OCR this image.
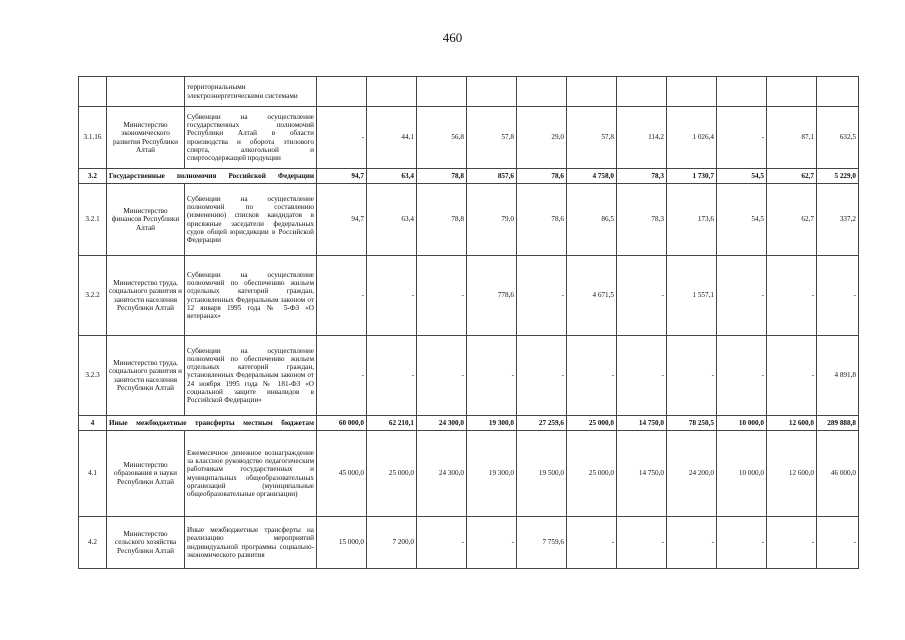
460
		территориальными электроэнергетическими системами											
3.1.16	Министерство экономического развития Республики Алтай	Субвенции на осуществление государственных полномочий Республики Алтай в области производства и оборота этилового спирта, алкогольной и спиртосодержащей продукции	-	44,1	56,8	57,8	29,0	57,8	114,2	1 026,4	-	87,1	632,5
3.2	Государственные полномочия Российской Федерации		94,7	63,4	78,8	857,6	78,6	4 758,0	78,3	1 730,7	54,5	62,7	5 229,0
3.2.1	Министерство финансов Республики Алтай	Субвенции на осуществление полномочий по составлению (изменению) списков кандидатов в присяжные заседатели федеральных судов общей юрисдикции в Российской Федерации	94,7	63,4	78,8	79,0	78,6	86,5	78,3	173,6	54,5	62,7	337,2
3.2.2	Министерство труда, социального развития и занятости населения Республики Алтай	Субвенции на осуществление полномочий по обеспечению жильем отдельных категорий граждан, установленных Федеральным законом от 12 января 1995 года № 5-ФЗ «О ветеранах»	-	-	-	778,6	-	4 671,5	-	1 557,1	-	-	-
3.2.3	Министерство труда, социального развития и занятости населения Республики Алтай	Субвенции на осуществление полномочий по обеспечению жильем отдельных категорий граждан, установленных Федеральным законом от 24 ноября 1995 года № 181-ФЗ «О социальной защите инвалидов в Российской Федерации»	-	-	-	-	-	-	-	-	-	-	4 891,8
4	Иные межбюджетные трансферты местным бюджетам		60 000,0	62 210,1	24 300,0	19 300,0	27 259,6	25 000,0	14 750,0	78 250,5	10 000,0	12 600,0	289 888,8
4.1	Министерство образования и науки Республики Алтай	Ежемесячное денежное вознаграждение за классное руководство педагогическим работникам государственных и муниципальных общеобразовательных организаций (муниципальные общеобразовательные организации)	45 000,0	25 000,0	24 300,0	19 300,0	19 500,0	25 000,0	14 750,0	24 200,0	10 000,0	12 600,0	46 000,0
4.2	Министерство сельского хозяйства Республики Алтай	Иные межбюджетные трансферты на реализацию мероприятий индивидуальной программы социально-экономического развития	15 000,0	7 200,0	-	-	7 759,6	-	-	-	-	-	-
